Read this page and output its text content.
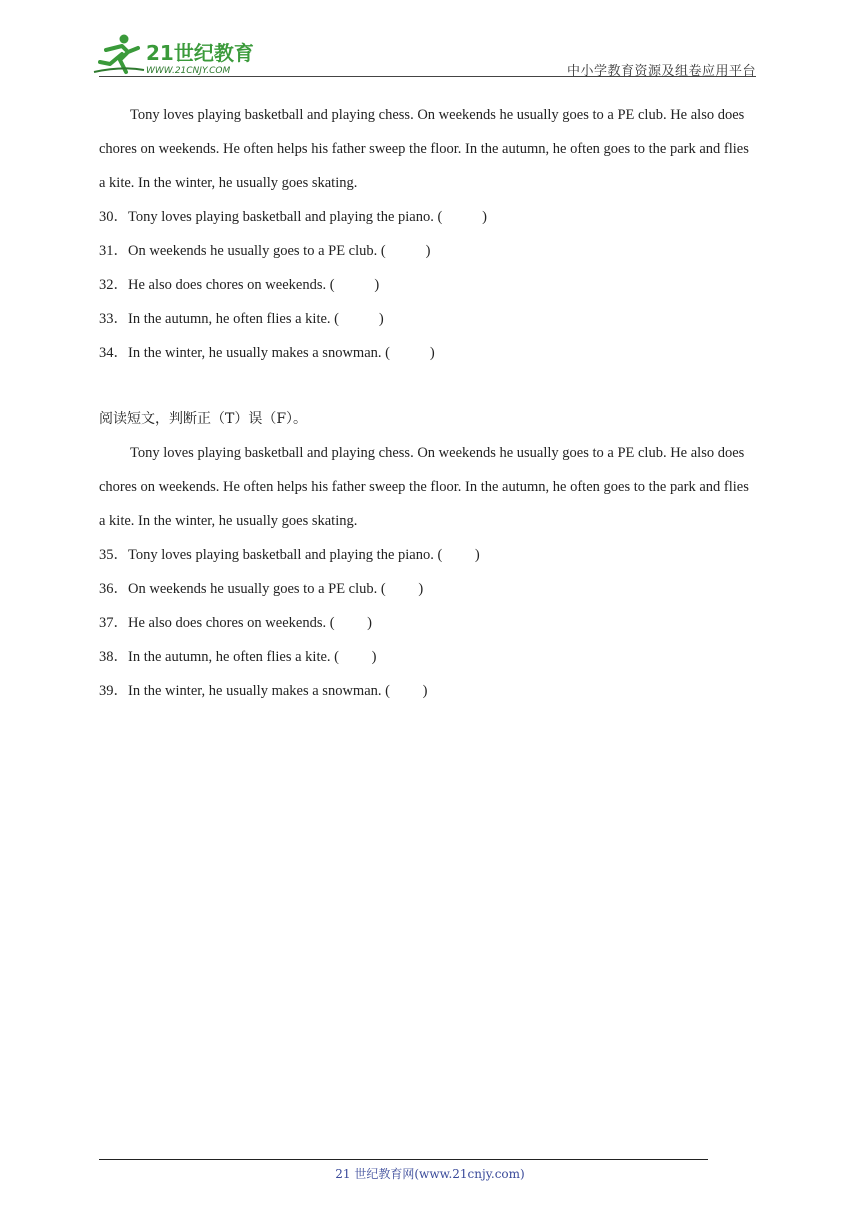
21世纪教育
WWW.21CNJY.COM	中小学教育资源及组卷应用平台
Tony loves playing basketball and playing chess. On weekends he usually goes to a PE club. He also does chores on weekends. He often helps his father sweep the floor. In the autumn, he often goes to the park and flies a kite. In the winter, he usually goes skating.
30．Tony loves playing basketball and playing the piano. (           )
31．On weekends he usually goes to a PE club. (           )
32．He also does chores on weekends. (           )
33．In the autumn, he often flies a kite. (           )
34．In the winter, he usually makes a snowman. (           )
阅读短文，判断正（T）误（F）。
Tony loves playing basketball and playing chess. On weekends he usually goes to a PE club. He also does chores on weekends. He often helps his father sweep the floor. In the autumn, he often goes to the park and flies a kite. In the winter, he usually goes skating.
35．Tony loves playing basketball and playing the piano. (         )
36．On weekends he usually goes to a PE club. (         )
37．He also does chores on weekends. (         )
38．In the autumn, he often flies a kite. (         )
39．In the winter, he usually makes a snowman. (         )
21 世纪教育网(www.21cnjy.com)
